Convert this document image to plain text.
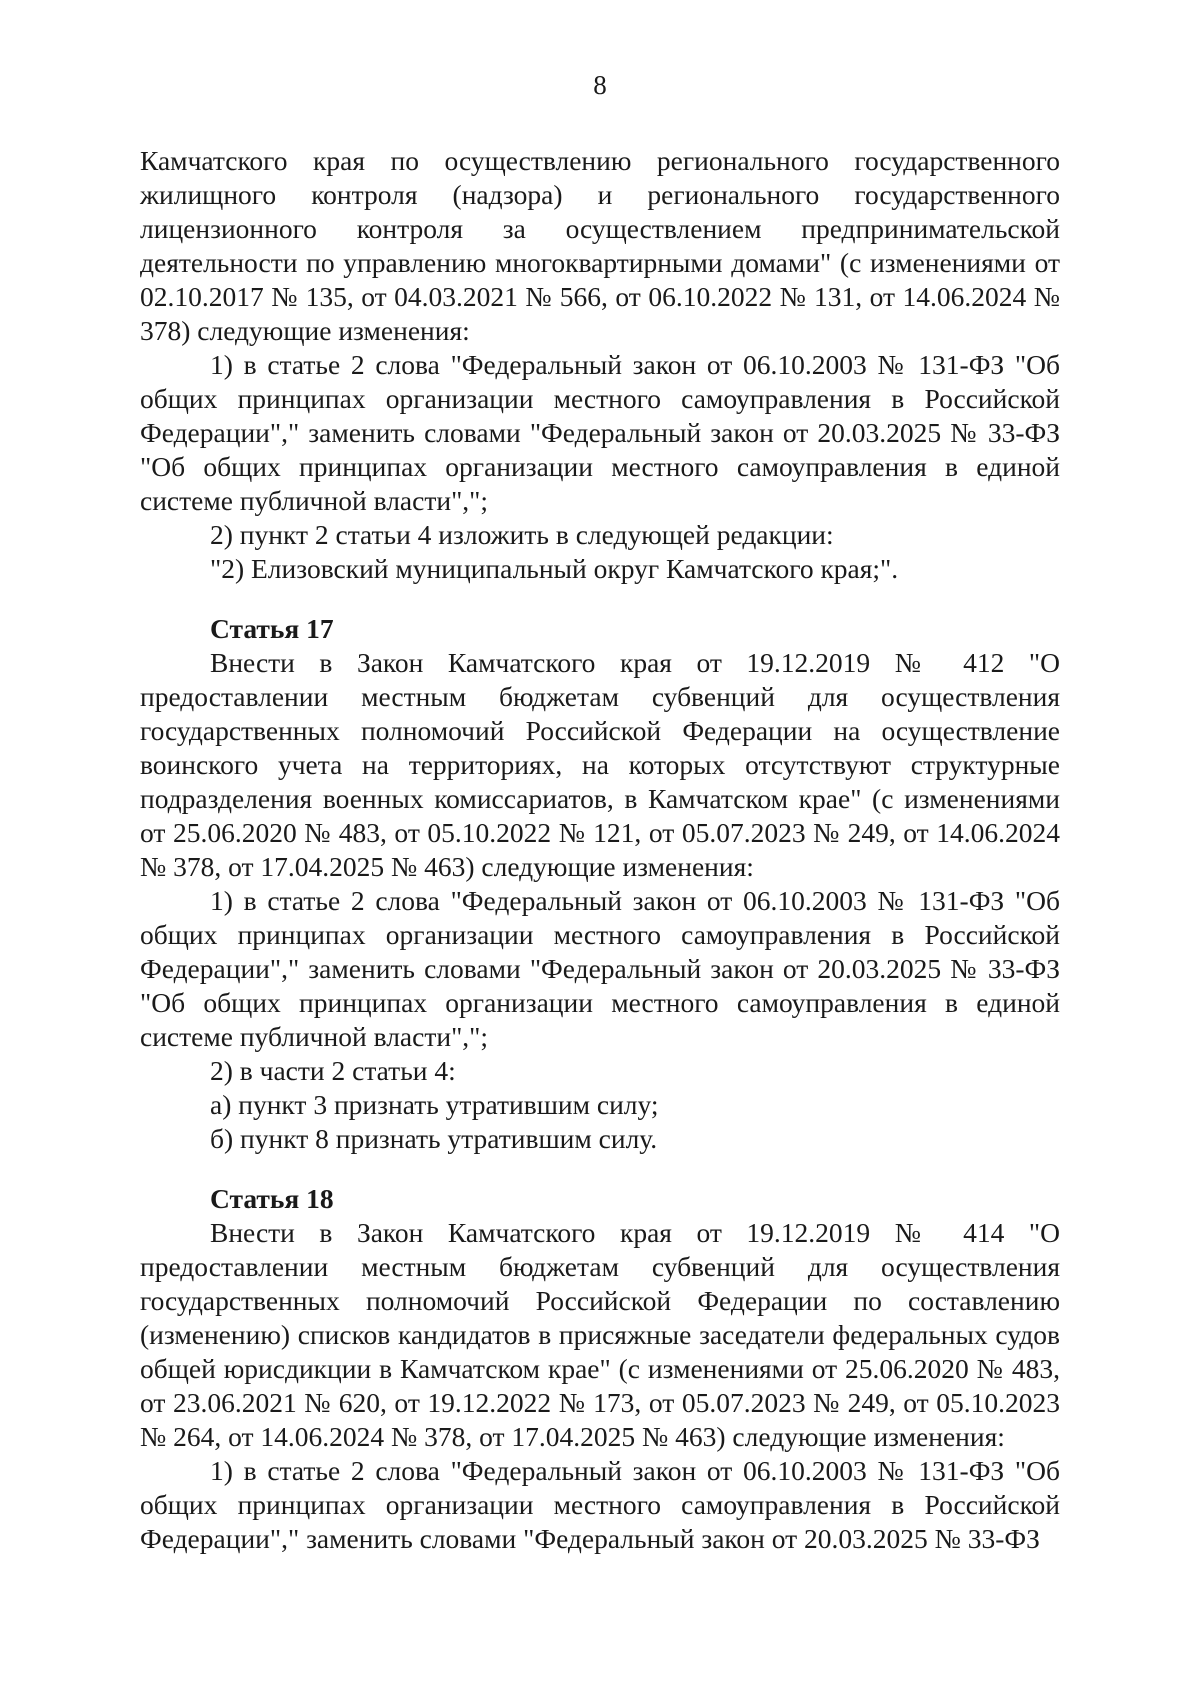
8

Камчатского края по осуществлению регионального государственного жилищного контроля (надзора) и регионального государственного лицензионного контроля за осуществлением предпринимательской деятельности по управлению многоквартирными домами" (с изменениями от 02.10.2017 № 135, от 04.03.2021 № 566, от 06.10.2022 № 131, от 14.06.2024 № 378) следующие изменения:

1) в статье 2 слова "Федеральный закон от 06.10.2003 № 131-ФЗ "Об общих принципах организации местного самоуправления в Российской Федерации"," заменить словами "Федеральный закон от 20.03.2025 № 33-ФЗ "Об общих принципах организации местного самоуправления в единой системе публичной власти",";

2) пункт 2 статьи 4 изложить в следующей редакции:

"2) Елизовский муниципальный округ Камчатского края;".

Статья 17

Внести в Закон Камчатского края от 19.12.2019 № 412 "О предоставлении местным бюджетам субвенций для осуществления государственных полномочий Российской Федерации на осуществление воинского учета на территориях, на которых отсутствуют структурные подразделения военных комиссариатов, в Камчатском крае" (с изменениями от 25.06.2020 № 483, от 05.10.2022 № 121, от 05.07.2023 № 249, от 14.06.2024 № 378, от 17.04.2025 № 463) следующие изменения:

1) в статье 2 слова "Федеральный закон от 06.10.2003 № 131-ФЗ "Об общих принципах организации местного самоуправления в Российской Федерации"," заменить словами "Федеральный закон от 20.03.2025 № 33-ФЗ "Об общих принципах организации местного самоуправления в единой системе публичной власти",";

2) в части 2 статьи 4:

а) пункт 3 признать утратившим силу;

б) пункт 8 признать утратившим силу.

Статья 18

Внести в Закон Камчатского края от 19.12.2019 № 414 "О предоставлении местным бюджетам субвенций для осуществления государственных полномочий Российской Федерации по составлению (изменению) списков кандидатов в присяжные заседатели федеральных судов общей юрисдикции в Камчатском крае" (с изменениями от 25.06.2020 № 483, от 23.06.2021 № 620, от 19.12.2022 № 173, от 05.07.2023 № 249, от 05.10.2023 № 264, от 14.06.2024 № 378, от 17.04.2025 № 463) следующие изменения:

1) в статье 2 слова "Федеральный закон от 06.10.2003 № 131-ФЗ "Об общих принципах организации местного самоуправления в Российской Федерации"," заменить словами "Федеральный закон от 20.03.2025 № 33-ФЗ
